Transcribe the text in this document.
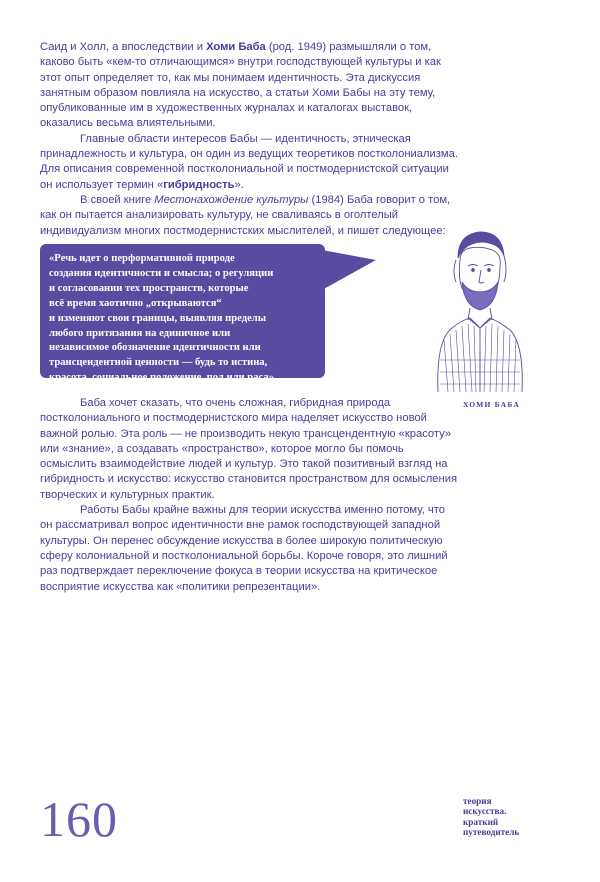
Саид и Холл, а впоследствии и Хоми Баба (род. 1949) размышляли о том, каково быть «кем-то отличающимся» внутри господствующей культуры и как этот опыт определяет то, как мы понимаем идентичность. Эта дискуссия занятным образом повлияла на искусство, а статьи Хоми Бабы на эту тему, опубликованные им в художественных журналах и каталогах выставок, оказались весьма влиятельными.

Главные области интересов Бабы — идентичность, этническая принадлежность и культура, он один из ведущих теоретиков постколониализма. Для описания современной постколониальной и постмодернистской ситуации он использует термин «гибридность».

В своей книге Местонахождение культуры (1984) Баба говорит о том, как он пытается анализировать культуру, не сваливаясь в оголтелый индивидуализм многих постмодернистских мыслителей, и пишет следующее:

«Речь идет о перформативной природе
создания идентичности и смысла; о регуляции
и согласовании тех пространств, которые
всё время хаотично „открываются“
и изменяют свои границы, выявляя пределы
любого притязания на единичное или
независимое обозначение идентичности или
трансцендентной ценности — будь то истина,
красота, социальное положение, пол или раса».
ХОМИ БАБА

Баба хочет сказать, что очень сложная, гибридная природа постколониального и постмодернистского мира наделяет искусство новой важной ролью. Эта роль — не производить некую трансцендентную «красоту» или «знание», а создавать «пространство», которое могло бы помочь осмыслить взаимодействие людей и культур. Это такой позитивный взгляд на гибридность и искусство: искусство становится пространством для осмысления творческих и культурных практик.

Работы Бабы крайне важны для теории искусства именно потому, что он рассматривал вопрос идентичности вне рамок господствующей западной культуры. Он перенес обсуждение искусства в более широкую политическую сферу колониальной и постколониальной борьбы. Короче говоря, это лишний раз подтверждает переключение фокуса в теории искусства на критическое восприятие искусства как «политики репрезентации».

160	теория
искусства.
краткий
путеводитель
